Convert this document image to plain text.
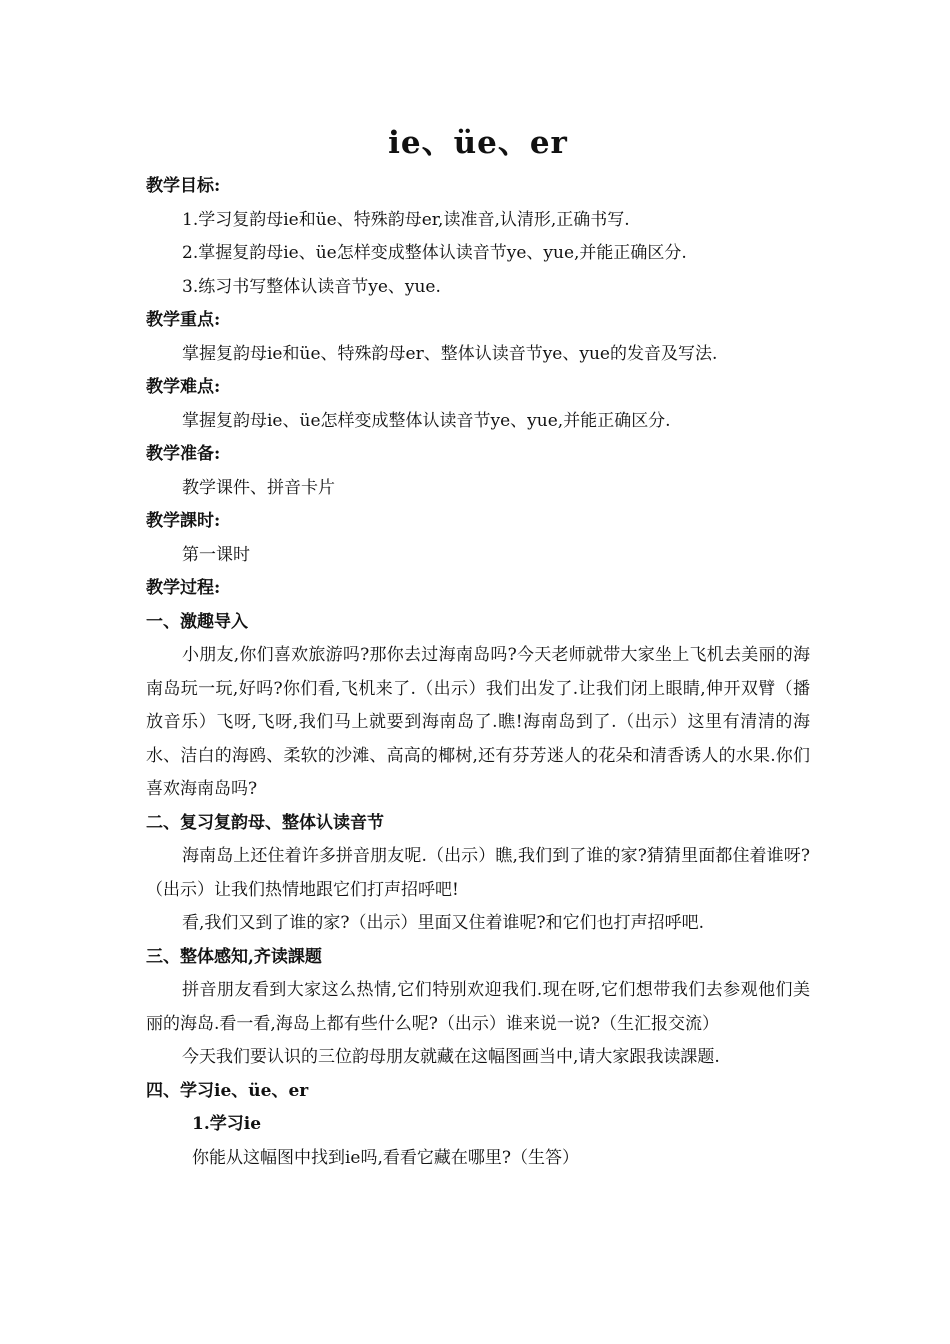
ie、üe、er
教学目标:
1.学习复韵母ie和üe、特殊韵母er,读准音,认清形,正确书写.
2.掌握复韵母ie、üe怎样变成整体认读音节ye、yue,并能正确区分.
3.练习书写整体认读音节ye、yue.
教学重点:
掌握复韵母ie和üe、特殊韵母er、整体认读音节ye、yue的发音及写法.
教学难点:
掌握复韵母ie、üe怎样变成整体认读音节ye、yue,并能正确区分.
教学准备:
教学课件、拼音卡片
教学課时:
第一课时
教学过程:
一、激趣导入
小朋友,你们喜欢旅游吗?那你去过海南岛吗?今天老师就带大家坐上飞机去美丽的海南岛玩一玩,好吗?你们看,飞机来了.（出示）我们出发了.让我们闭上眼睛,伸开双臂（播放音乐）飞呀,飞呀,我们马上就要到海南岛了.瞧!海南岛到了.（出示）这里有清清的海水、洁白的海鸥、柔软的沙滩、高高的椰树,还有芬芳迷人的花朵和清香诱人的水果.你们喜欢海南岛吗?
二、复习复韵母、整体认读音节
海南岛上还住着许多拼音朋友呢.（出示）瞧,我们到了谁的家?猜猜里面都住着谁呀?（出示）让我们热情地跟它们打声招呼吧!
看,我们又到了谁的家?（出示）里面又住着谁呢?和它们也打声招呼吧.
三、整体感知,齐读課题
拼音朋友看到大家这么热情,它们特别欢迎我们.现在呀,它们想带我们去参观他们美丽的海岛.看一看,海岛上都有些什么呢?（出示）谁来说一说?（生汇报交流）
今天我们要认识的三位韵母朋友就藏在这幅图画当中,请大家跟我读課题.
四、学习ie、üe、er
1.学习ie
你能从这幅图中找到ie吗,看看它藏在哪里?（生答）
